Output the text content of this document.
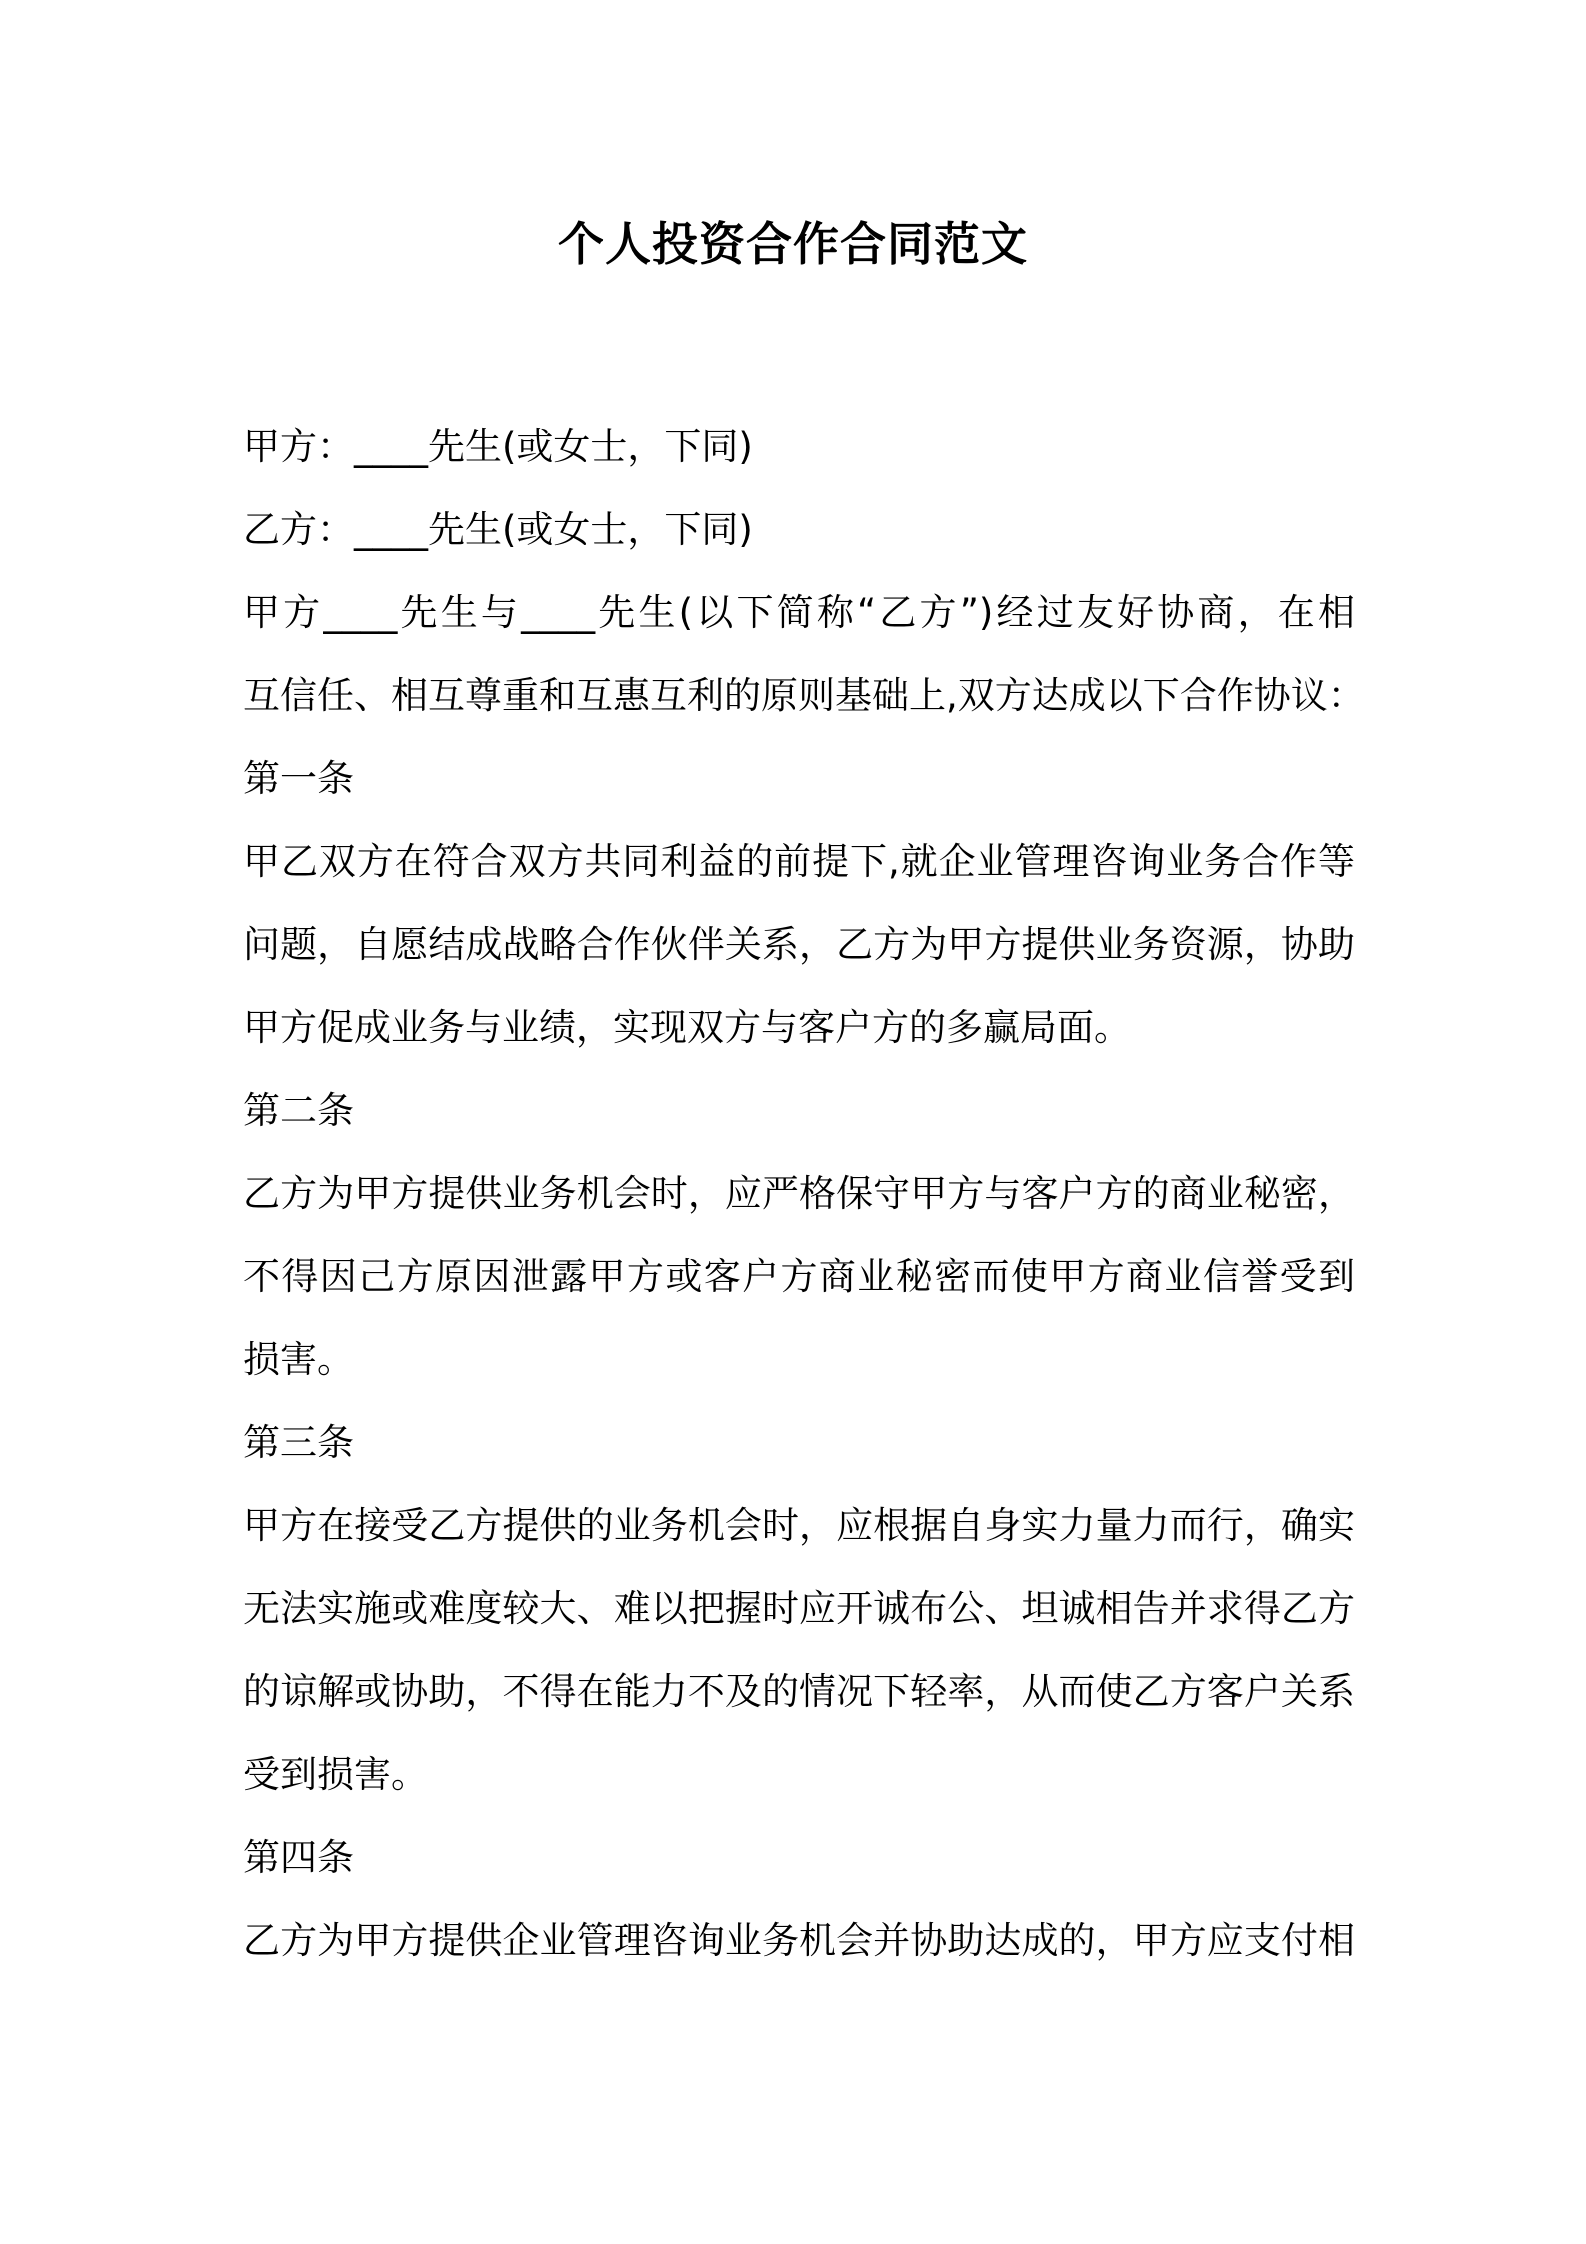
个人投资合作合同范文
甲方：____先生(或女士，下同)
乙方：____先生(或女士，下同)
甲方____先生与____先生(以下简称“乙方”)经过友好协商，在相
互信任、相互尊重和互惠互利的原则基础上,双方达成以下合作协议：
第一条
甲乙双方在符合双方共同利益的前提下,就企业管理咨询业务合作等
问题，自愿结成战略合作伙伴关系，乙方为甲方提供业务资源，协助
甲方促成业务与业绩，实现双方与客户方的多赢局面。
第二条
乙方为甲方提供业务机会时，应严格保守甲方与客户方的商业秘密，
不得因己方原因泄露甲方或客户方商业秘密而使甲方商业信誉受到
损害。
第三条
甲方在接受乙方提供的业务机会时，应根据自身实力量力而行，确实
无法实施或难度较大、难以把握时应开诚布公、坦诚相告并求得乙方
的谅解或协助，不得在能力不及的情况下轻率，从而使乙方客户关系
受到损害。
第四条
乙方为甲方提供企业管理咨询业务机会并协助达成的，甲方应支付相
